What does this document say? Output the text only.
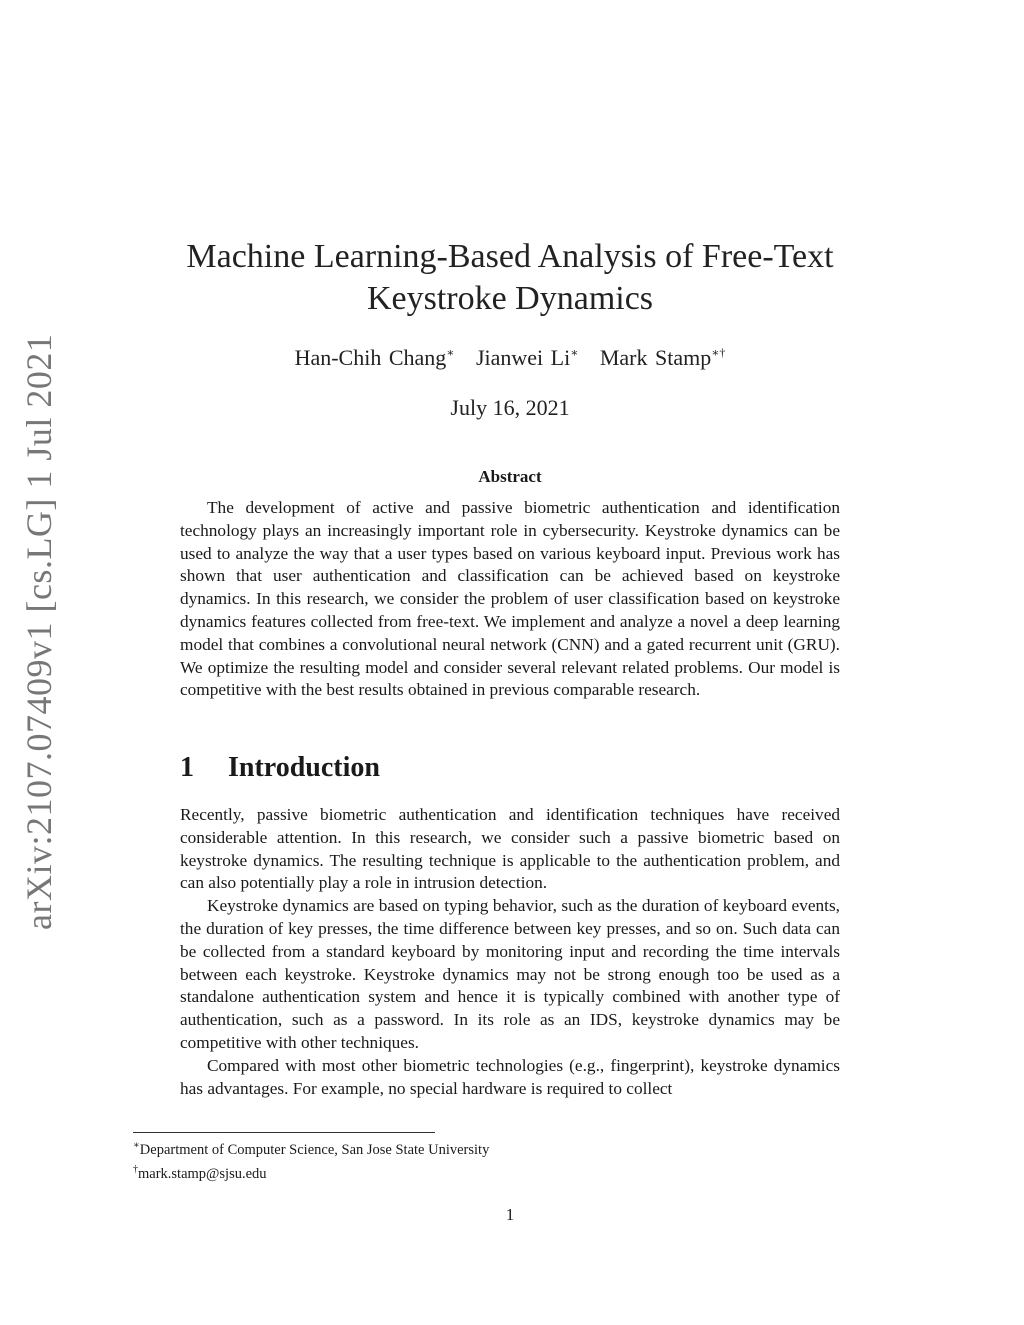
arXiv:2107.07409v1 [cs.LG] 1 Jul 2021
Machine Learning-Based Analysis of Free-Text
Keystroke Dynamics
Han-Chih Chang∗ Jianwei Li∗ Mark Stamp∗†
July 16, 2021
Abstract
The development of active and passive biometric authentication and identification technology plays an increasingly important role in cybersecurity. Keystroke dynamics can be used to analyze the way that a user types based on various keyboard input. Previous work has shown that user authentication and classification can be achieved based on keystroke dynamics. In this research, we consider the problem of user classification based on keystroke dynamics features collected from free-text. We implement and analyze a novel a deep learning model that combines a convolutional neural network (CNN) and a gated recurrent unit (GRU). We optimize the resulting model and consider several relevant related problems. Our model is competitive with the best results obtained in previous comparable research.
1 Introduction

Recently, passive biometric authentication and identification techniques have received considerable attention. In this research, we consider such a passive biometric based on keystroke dynamics. The resulting technique is applicable to the authentication problem, and can also potentially play a role in intrusion detection.

Keystroke dynamics are based on typing behavior, such as the duration of keyboard events, the duration of key presses, the time difference between key presses, and so on. Such data can be collected from a standard keyboard by monitoring input and recording the time intervals between each keystroke. Keystroke dynamics may not be strong enough too be used as a standalone authentication system and hence it is typically combined with another type of authentication, such as a password. In its role as an IDS, keystroke dynamics may be competitive with other techniques.

Compared with most other biometric technologies (e.g., fingerprint), keystroke dynamics has advantages. For example, no special hardware is required to collect

∗Department of Computer Science, San Jose State University
†mark.stamp@sjsu.edu
1
